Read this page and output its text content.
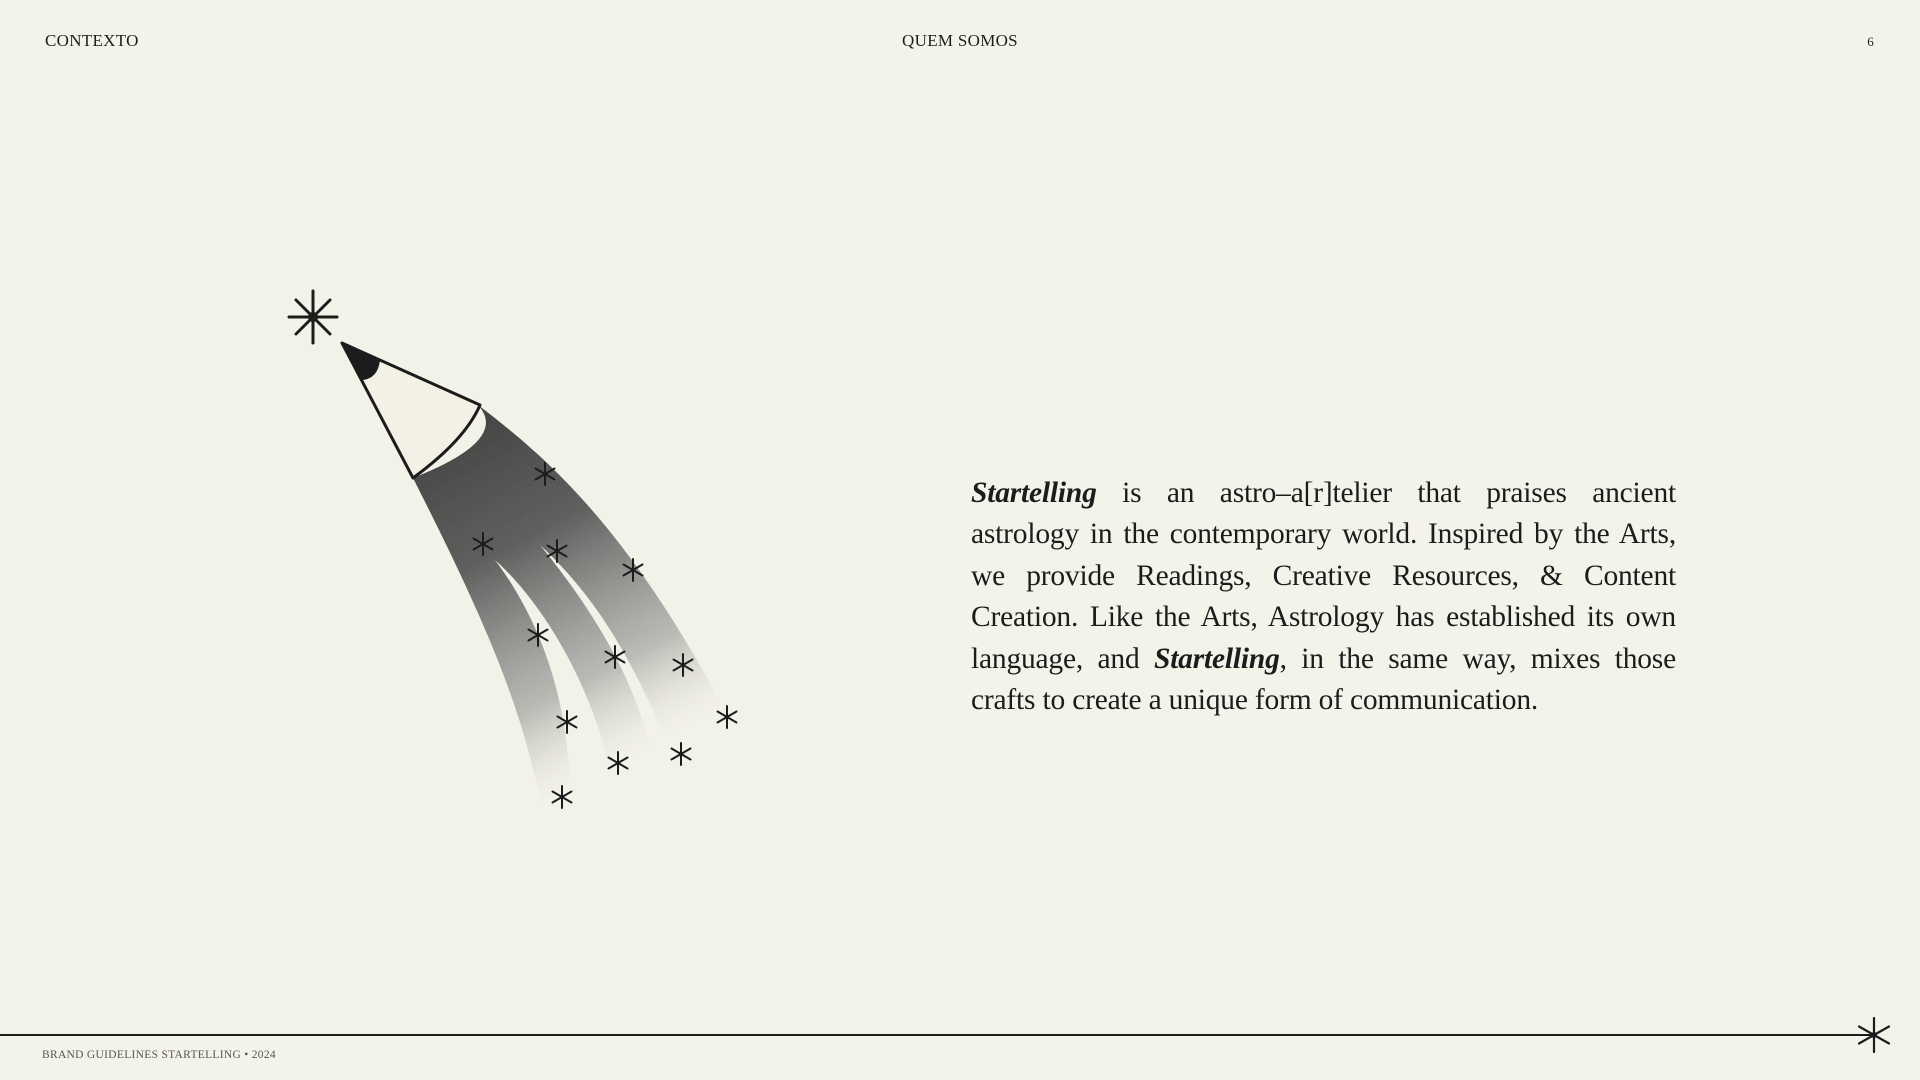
CONTEXTO	QUEM SOMOS	6

Startelling is an astro–a[r]telier that praises ancient astrology in the contemporary world. Inspired by the Arts, we provide Readings, Creative Resources, & Content Creation. Like the Arts, Astrology has established its own language, and Startelling, in the same way, mixes those crafts to create a unique form of communication.

BRAND GUIDELINES STARTELLING • 2024
